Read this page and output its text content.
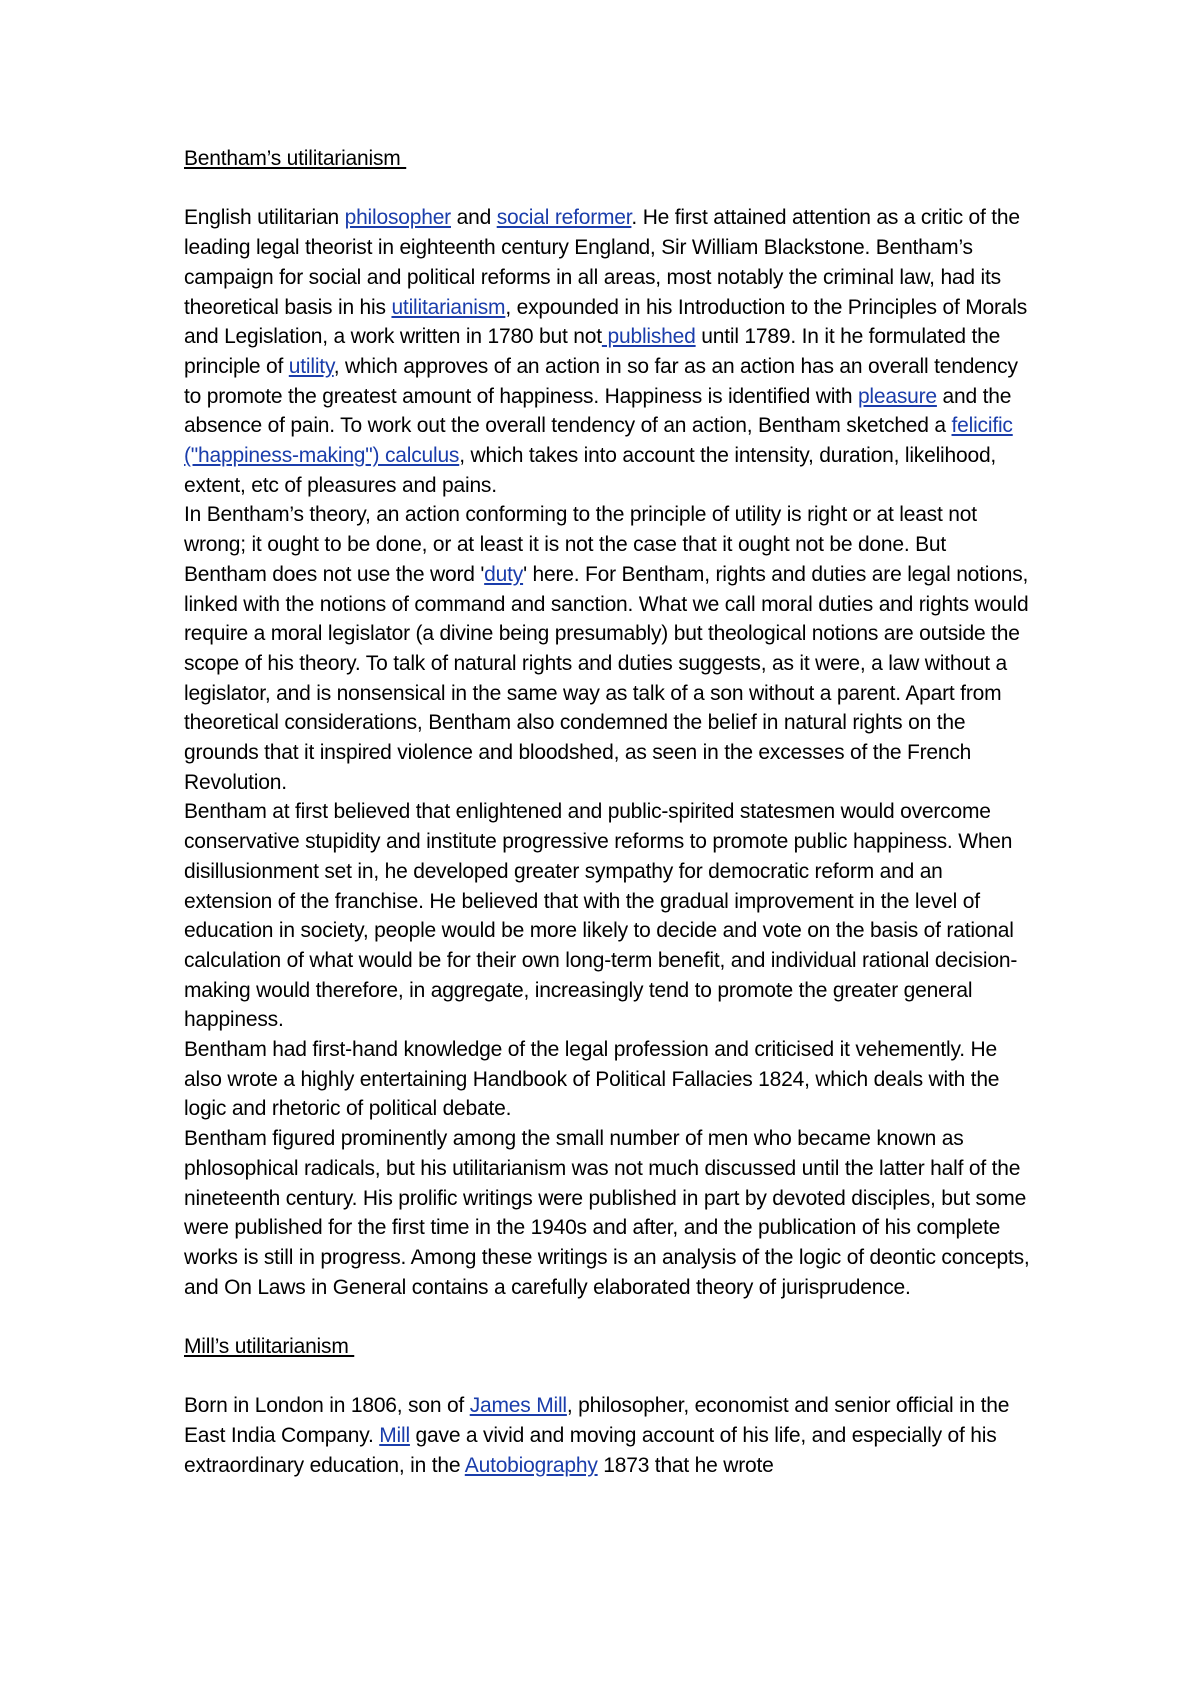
Bentham’s utilitarianism

English utilitarian philosopher and social reformer. He first attained attention as a critic of the leading legal theorist in eighteenth century England, Sir William Blackstone. Bentham’s campaign for social and political reforms in all areas, most notably the criminal law, had its theoretical basis in his utilitarianism, expounded in his Introduction to the Principles of Morals and Legislation, a work written in 1780 but not published until 1789. In it he formulated the principle of utility, which approves of an action in so far as an action has an overall tendency to promote the greatest amount of happiness. Happiness is identified with pleasure and the absence of pain. To work out the overall tendency of an action, Bentham sketched a felicific ("happiness-making") calculus, which takes into account the intensity, duration, likelihood, extent, etc of pleasures and pains.

In Bentham’s theory, an action conforming to the principle of utility is right or at least not wrong; it ought to be done, or at least it is not the case that it ought not be done. But Bentham does not use the word 'duty' here. For Bentham, rights and duties are legal notions, linked with the notions of command and sanction. What we call moral duties and rights would require a moral legislator (a divine being presumably) but theological notions are outside the scope of his theory. To talk of natural rights and duties suggests, as it were, a law without a legislator, and is nonsensical in the same way as talk of a son without a parent. Apart from theoretical considerations, Bentham also condemned the belief in natural rights on the grounds that it inspired violence and bloodshed, as seen in the excesses of the French Revolution.

Bentham at first believed that enlightened and public-spirited statesmen would overcome conservative stupidity and institute progressive reforms to promote public happiness. When disillusionment set in, he developed greater sympathy for democratic reform and an extension of the franchise. He believed that with the gradual improvement in the level of education in society, people would be more likely to decide and vote on the basis of rational calculation of what would be for their own long-term benefit, and individual rational decision-making would therefore, in aggregate, increasingly tend to promote the greater general happiness.

Bentham had first-hand knowledge of the legal profession and criticised it vehemently. He also wrote a highly entertaining Handbook of Political Fallacies 1824, which deals with the logic and rhetoric of political debate.

Bentham figured prominently among the small number of men who became known as phlosophical radicals, but his utilitarianism was not much discussed until the latter half of the nineteenth century. His prolific writings were published in part by devoted disciples, but some were published for the first time in the 1940s and after, and the publication of his complete works is still in progress. Among these writings is an analysis of the logic of deontic concepts, and On Laws in General contains a carefully elaborated theory of jurisprudence.

Mill’s utilitarianism

Born in London in 1806, son of James Mill, philosopher, economist and senior official in the East India Company. Mill gave a vivid and moving account of his life, and especially of his extraordinary education, in the Autobiography 1873 that he wrote
